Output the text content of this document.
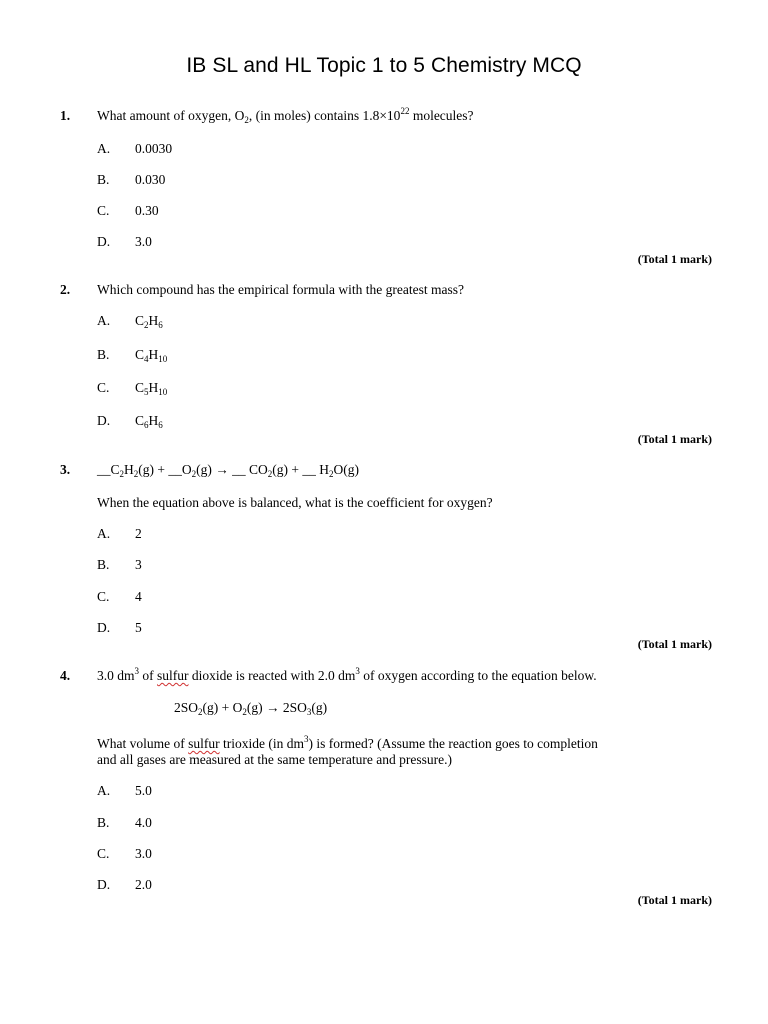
IB SL and HL Topic 1 to 5 Chemistry MCQ
1. What amount of oxygen, $O_2$, (in moles) contains $1.8\times 10^{22}$ molecules?
A. 0.0030
B. 0.030
C. 0.30
D. 3.0
(Total 1 mark)
2. Which compound has the empirical formula with the greatest mass?
A. $C_2H_6$
B. $C_4H_{10}$
C. $C_5H_{10}$
D. $C_6H_6$
(Total 1 mark)
3. $\_\_C_2H_2(g)$ + $\_\_O_2(g)$ → __ $CO_2(g)$ + __ $H_2O(g)$
When the equation above is balanced, what is the coefficient for oxygen?
A. 2
B. 3
C. 4
D. 5
(Total 1 mark)
4. 3.0 $dm^3$ of sulfur dioxide is reacted with 2.0 $dm^3$ of oxygen according to the equation below.
$2SO_2(g) + O_2(g) \to 2SO_3(g)$
What volume of sulfur trioxide (in $dm^3$) is formed? (Assume the reaction goes to completion
and all gases are measured at the same temperature and pressure.)
A. 5.0
B. 4.0
C. 3.0
D. 2.0
(Total 1 mark)
